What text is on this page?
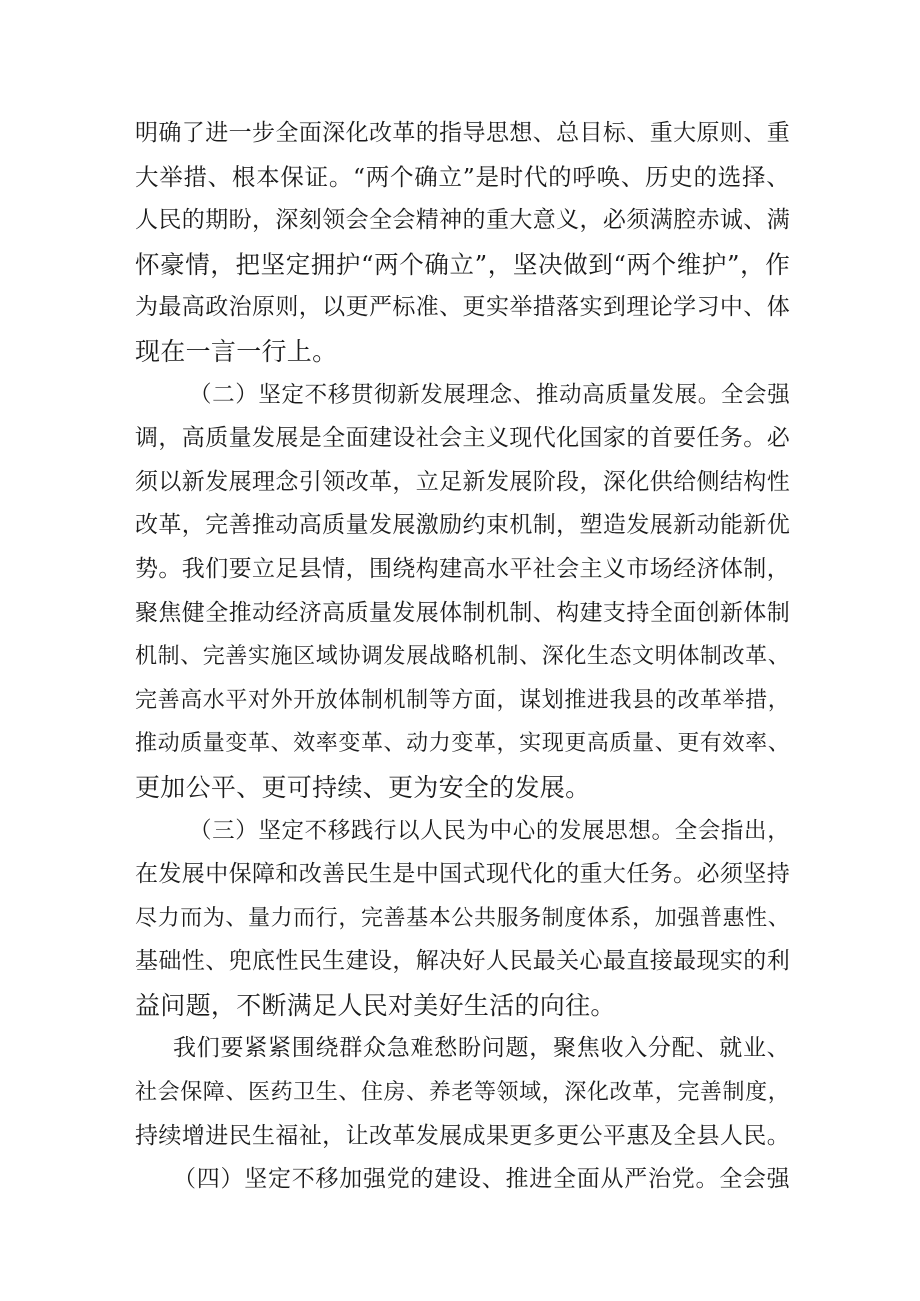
明确了进一步全面深化改革的指导思想、总目标、重大原则、重
大举措、根本保证。“两个确立”是时代的呼唤、历史的选择、
人民的期盼，深刻领会全会精神的重大意义，必须满腔赤诚、满
怀豪情，把坚定拥护“两个确立”，坚决做到“两个维护”，作
为最高政治原则，以更严标准、更实举措落实到理论学习中、体
现在一言一行上。
（二）坚定不移贯彻新发展理念、推动高质量发展。全会强
调，高质量发展是全面建设社会主义现代化国家的首要任务。必
须以新发展理念引领改革，立足新发展阶段，深化供给侧结构性
改革，完善推动高质量发展激励约束机制，塑造发展新动能新优
势。我们要立足县情，围绕构建高水平社会主义市场经济体制，
聚焦健全推动经济高质量发展体制机制、构建支持全面创新体制
机制、完善实施区域协调发展战略机制、深化生态文明体制改革、
完善高水平对外开放体制机制等方面，谋划推进我县的改革举措，
推动质量变革、效率变革、动力变革，实现更高质量、更有效率、
更加公平、更可持续、更为安全的发展。
（三）坚定不移践行以人民为中心的发展思想。全会指出，
在发展中保障和改善民生是中国式现代化的重大任务。必须坚持
尽力而为、量力而行，完善基本公共服务制度体系，加强普惠性、
基础性、兜底性民生建设，解决好人民最关心最直接最现实的利
益问题，不断满足人民对美好生活的向往。
我们要紧紧围绕群众急难愁盼问题，聚焦收入分配、就业、
社会保障、医药卫生、住房、养老等领域，深化改革，完善制度，
持续增进民生福祉，让改革发展成果更多更公平惠及全县人民。
（四）坚定不移加强党的建设、推进全面从严治党。全会强
